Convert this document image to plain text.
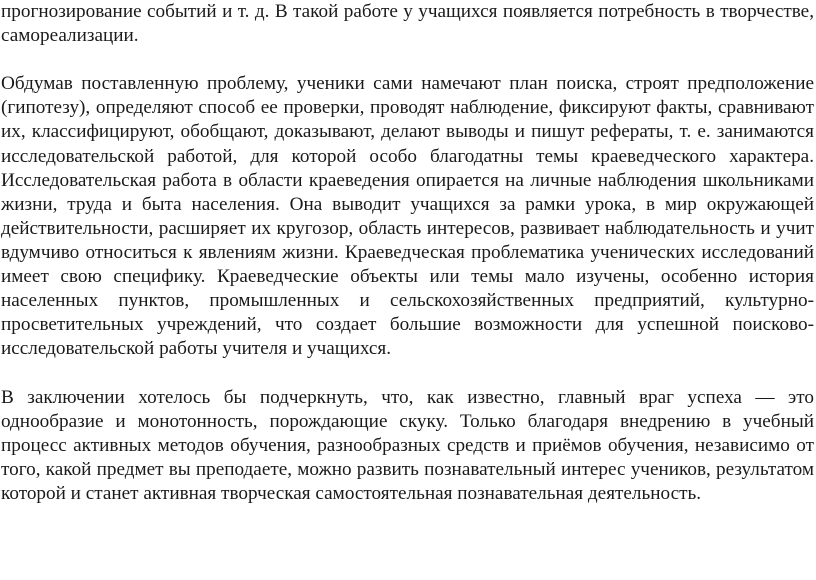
прогнозирование событий и т. д. В такой работе у учащихся появляется потребность в творчестве, самореализации.

Обдумав поставленную проблему, ученики сами намечают план поиска, строят предположение (гипотезу), определяют способ ее проверки, проводят наблюдение, фиксируют факты, сравнивают их, классифицируют, обобщают, доказывают, делают выводы и пишут рефераты, т. е. занимаются исследовательской работой, для которой особо благодатны темы краеведческого характера. Исследовательская работа в области краеведения опирается на личные наблюдения школьниками жизни, труда и быта населения. Она выводит учащихся за рамки урока, в мир окружающей действительности, расширяет их кругозор, область интересов, развивает наблюдательность и учит вдумчиво относиться к явлениям жизни. Краеведческая проблематика ученических исследований имеет свою специфику. Краеведческие объекты или темы мало изучены, особенно история населенных пунктов, промышленных и сельскохозяйственных предприятий, культурно-просветительных учреждений, что создает большие возможности для успешной поисково-исследовательской работы учителя и учащихся.

В заключении хотелось бы подчеркнуть, что, как известно, главный враг успеха — это однообразие и монотонность, порождающие скуку. Только благодаря внедрению в учебный процесс активных методов обучения, разнообразных средств и приёмов обучения, независимо от того, какой предмет вы преподаете, можно развить познавательный интерес учеников, результатом которой и станет активная творческая самостоятельная познавательная деятельность.
